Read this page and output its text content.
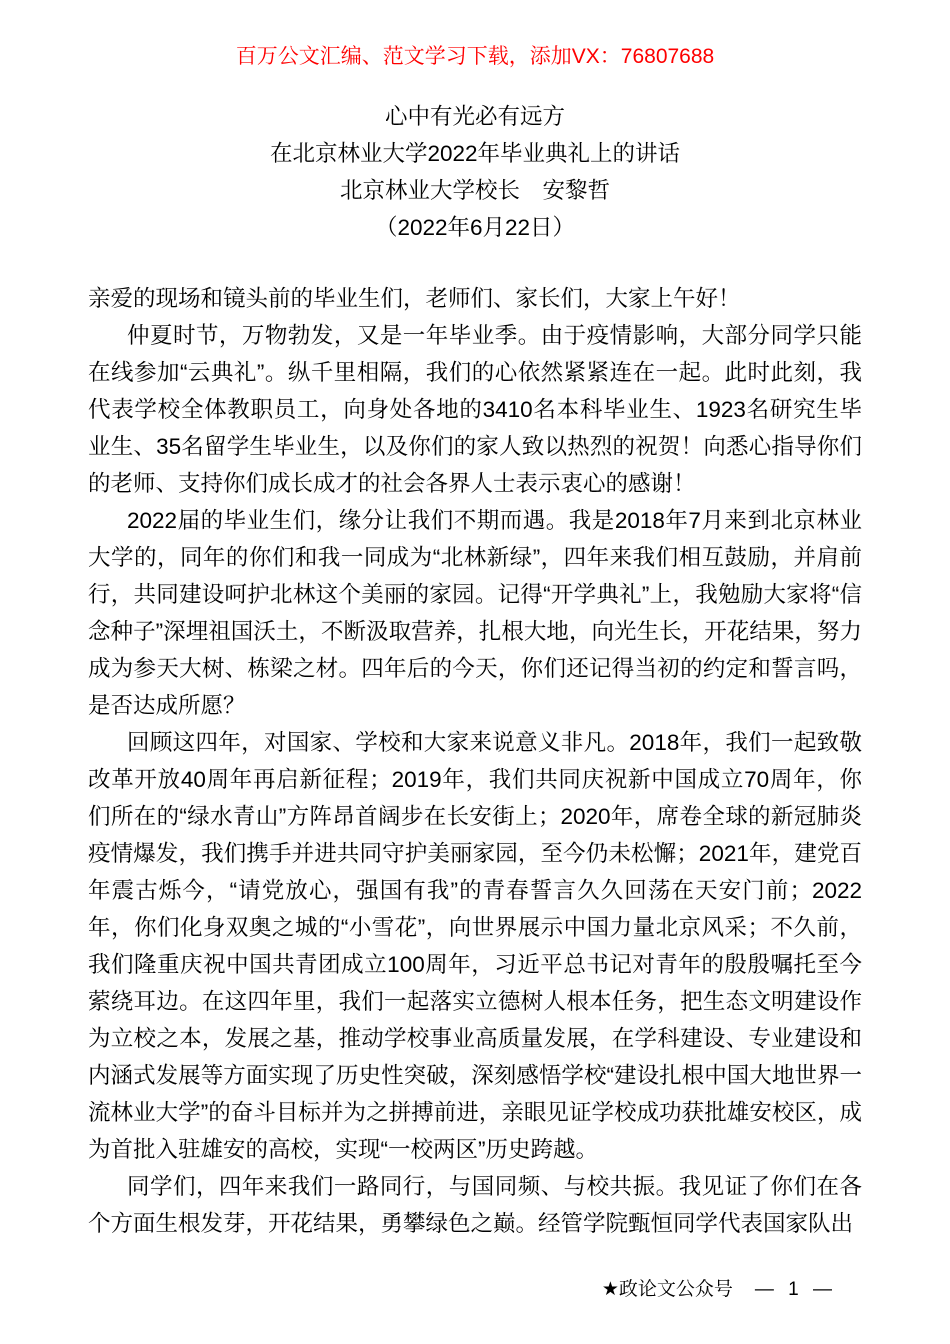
百万公文汇编、范文学习下载，添加VX：76807688
心中有光必有远方
在北京林业大学2022年毕业典礼上的讲话
北京林业大学校长　安黎哲
（2022年6月22日）

亲爱的现场和镜头前的毕业生们，老师们、家长们，大家上午好！

仲夏时节，万物勃发，又是一年毕业季。由于疫情影响，大部分同学只能在线参加“云典礼”。纵千里相隔，我们的心依然紧紧连在一起。此时此刻，我代表学校全体教职员工，向身处各地的3410名本科毕业生、1923名研究生毕业生、35名留学生毕业生，以及你们的家人致以热烈的祝贺！向悉心指导你们的老师、支持你们成长成才的社会各界人士表示衷心的感谢！

2022届的毕业生们，缘分让我们不期而遇。我是2018年7月来到北京林业大学的，同年的你们和我一同成为“北林新绿”，四年来我们相互鼓励，并肩前行，共同建设呵护北林这个美丽的家园。记得“开学典礼”上，我勉励大家将“信念种子”深埋祖国沃土，不断汲取营养，扎根大地，向光生长，开花结果，努力成为参天大树、栋梁之材。四年后的今天，你们还记得当初的约定和誓言吗，是否达成所愿？

回顾这四年，对国家、学校和大家来说意义非凡。2018年，我们一起致敬改革开放40周年再启新征程；2019年，我们共同庆祝新中国成立70周年，你们所在的“绿水青山”方阵昂首阔步在长安街上；2020年，席卷全球的新冠肺炎疫情爆发，我们携手并进共同守护美丽家园，至今仍未松懈；2021年，建党百年震古烁今，“请党放心，强国有我”的青春誓言久久回荡在天安门前；2022年，你们化身双奥之城的“小雪花”，向世界展示中国力量北京风采；不久前，我们隆重庆祝中国共青团成立100周年，习近平总书记对青年的殷殷嘱托至今萦绕耳边。在这四年里，我们一起落实立德树人根本任务，把生态文明建设作为立校之本，发展之基，推动学校事业高质量发展，在学科建设、专业建设和内涵式发展等方面实现了历史性突破，深刻感悟学校“建设扎根中国大地世界一流林业大学”的奋斗目标并为之拼搏前进，亲眼见证学校成功获批雄安校区，成为首批入驻雄安的高校，实现“一校两区”历史跨越。

同学们，四年来我们一路同行，与国同频、与校共振。我见证了你们在各个方面生根发芽，开花结果，勇攀绿色之巅。经管学院甄恒同学代表国家队出

★政论文公众号 — 1 —
